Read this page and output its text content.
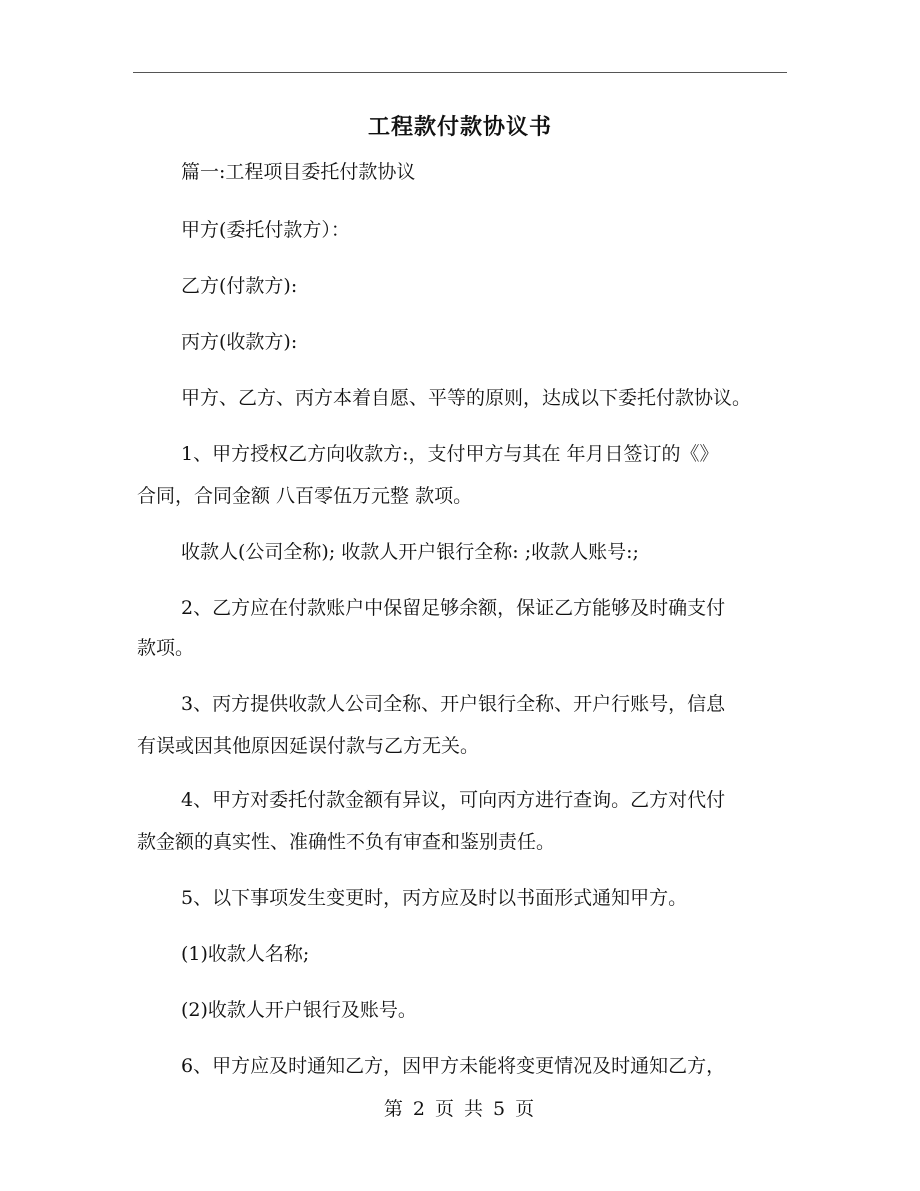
工程款付款协议书

篇一:工程项目委托付款协议

甲方(委托付款方）：

乙方(付款方):

丙方(收款方):

甲方、乙方、丙方本着自愿、平等的原则，达成以下委托付款协议。

1、甲方授权乙方向收款方:，支付甲方与其在 年月日签订的《》

合同，合同金额 八百零伍万元整 款项。

收款人(公司全称); 收款人开户银行全称: ;收款人账号:;

2、乙方应在付款账户中保留足够余额，保证乙方能够及时确支付

款项。

3、丙方提供收款人公司全称、开户银行全称、开户行账号，信息

有误或因其他原因延误付款与乙方无关。

4、甲方对委托付款金额有异议，可向丙方进行查询。乙方对代付

款金额的真实性、准确性不负有审查和鉴别责任。

5、以下事项发生变更时，丙方应及时以书面形式通知甲方。

(1)收款人名称;

(2)收款人开户银行及账号。

6、甲方应及时通知乙方，因甲方未能将变更情况及时通知乙方，

第 2 页 共 5 页
